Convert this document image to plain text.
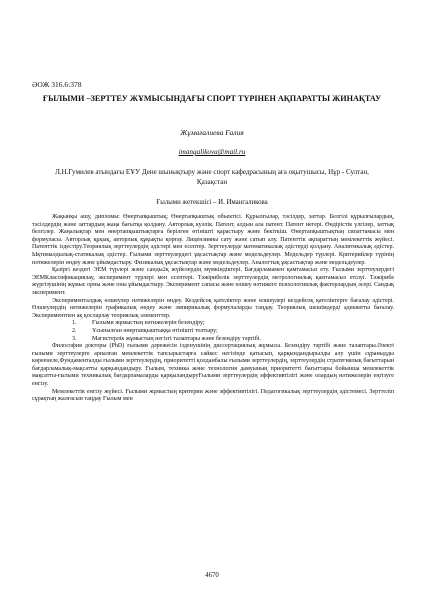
ӘОЖ 316.6:378
ҒЫЛЫМИ –ЗЕРТТЕУ ЖҰМЫСЫНДАҒЫ СПОРТ ТҮРІНЕН АҚПАРАТТЫ ЖИНАҚТАУ
Жұмағалиева Ғалия
imangalikova@mail.ru
Л.Н.Гумилев атындағы ЕҰУ Дене шынықтыру және спорт кафедрасының аға оқытушысы, Нұр - Султан, Қазақстан
Ғылыми жетекшісі – И. Имангаликова

Жақынқы ашу, дипломы: Өнертапқыштық; Өнертапқыштық объектісі. Құрылғылар, тәсілдер, заттар. Белгілі құрылғылардың, тәсілдердің және заттардың жаңа бағытқа қолдану. Авторлық куәлік. Патент, алдын ала патент. Патент иегері. Өндірістік үлгілер, заттық белгілер. Жаңалықтар мен өнертапқыштықтарға берілген өтінішті қарастыру және бекіткіш. Өнертапқыштықтың сипаттамасы мен формуласы. Авторлық құқық, авторлық құқықты қорғау. Лицензияны сату және сатып алу. Патенттік ақпараттың мемлекеттік жүйесі. Патенттік іздестіру.Теориялық зерттеулердің әдістері мен есептер. Зерттеулерде математикалық әдістерді қолдану. Аналитикалық әдістер. Ықтималдылық-статикалық әдістер. Ғылыми зерттеулердегі ұқсастықтар және модельдеулер. Модельдер түрлері. Критерийлер түрінің нәтижелерін өндеу және ұйымдастыру. Физикалық ұқсастықтар және модельдеулер. Аналогтық ұқсастықтар және модельдеулер.

Қазіргі кездегі ЭЕМ түрлері және санды2қ жүйелердің мүмкіндіктері. Бағдарламамен қамтамасыз ету. Ғылыми зерттеулердегі ЭЕМКлассификациялау, эксперимент түрлері мен есептері. Тәжірибелік зерттеулердің метрологиялық қамтамасыз етілуі. Тәжірибе жүргізушінің жұмыс орны және оны ұйымдастыру. Эксперимент сапасы және өлшеу нәтижеге психологиялық факторлардың әсері. Сандық эксперимент.

Эксперименталдық өлшеулер нәтижелерін өндеу. Кездейсоқ қателіктер және өлшеулері кездейсоқ қателіктерге бағалау әдістері. Өлшеулердің нәтижелерін графикалық өндеу және эмпирикалық формулаларды таңдау. Теориялық шешімдерді адекватты бағалау. Экспериментпен ақ қосларлау теориялық элементтер.

1.	Ғылыми жұмыстың нәтижелерін безендіру;
2.	Ұсынылған өнертапқыштыққа өтінішті толтыру;
3.	Магистерлік жұмыстың негізгі талаптары және безендіру тәртібі.

Философия докторы (PhD) ғылыми дәрежесін ізденушінің диссертациялық жұмысы. Безендіру тәртібі және талаптары.Әзекті ғылыми зерттеулерге арналған мемлекеттік тапсырыстарға сайкес негізінде қатысып, қарқындандырылды алу үшін сұраныдды көреенеле,Фундаменталды ғылыми зерттеулердің, приоритетті қолданбалы ғылыми зерттеулердің, зерттеулердің стратегиялық бағыттарын бағдарламалық-мақсатты қарқындандыру. Ғылым, техника және технология дамуының приоритетті бағыттары бойынша мемлекеттік мақсатты-ғылыми техникалық бағдарламаларды қарқыландыруҒылыми зерттеулердің эффективтілігі және олардың нәтижелерін еңгізуге енгізу.

Мемлекеттік енгізу жүйесі. Ғылыми жұмыстың критерии және эффективтілігі. Педагогикалық зерттеулердің әдістемесі. Зерттеліп сұрақтың жалғасын таңдау Ғылым мен

4670
